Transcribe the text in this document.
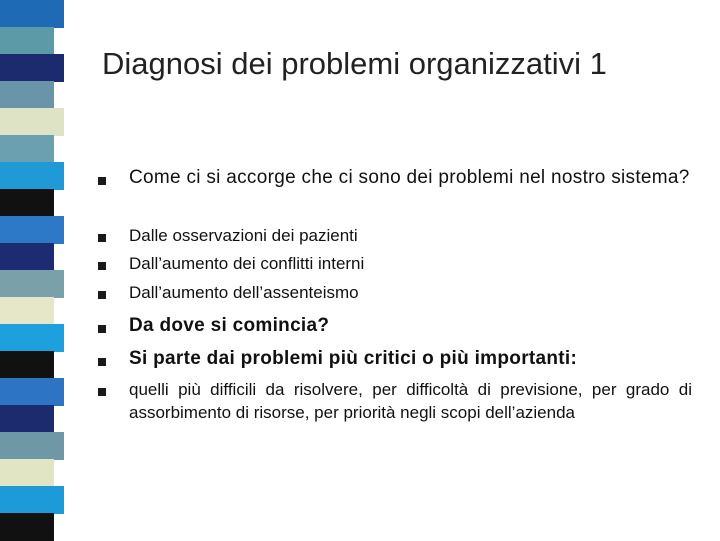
Diagnosi dei problemi organizzativi 1
Come ci si accorge che ci sono dei problemi nel nostro sistema?
Dalle osservazioni dei pazienti
Dall’aumento dei conflitti interni
Dall’aumento dell’assenteismo
Da dove si comincia?
Si parte dai problemi più critici o più importanti:
quelli più difficili da risolvere, per difficoltà di previsione, per grado di assorbimento di risorse, per priorità negli scopi dell’azienda
